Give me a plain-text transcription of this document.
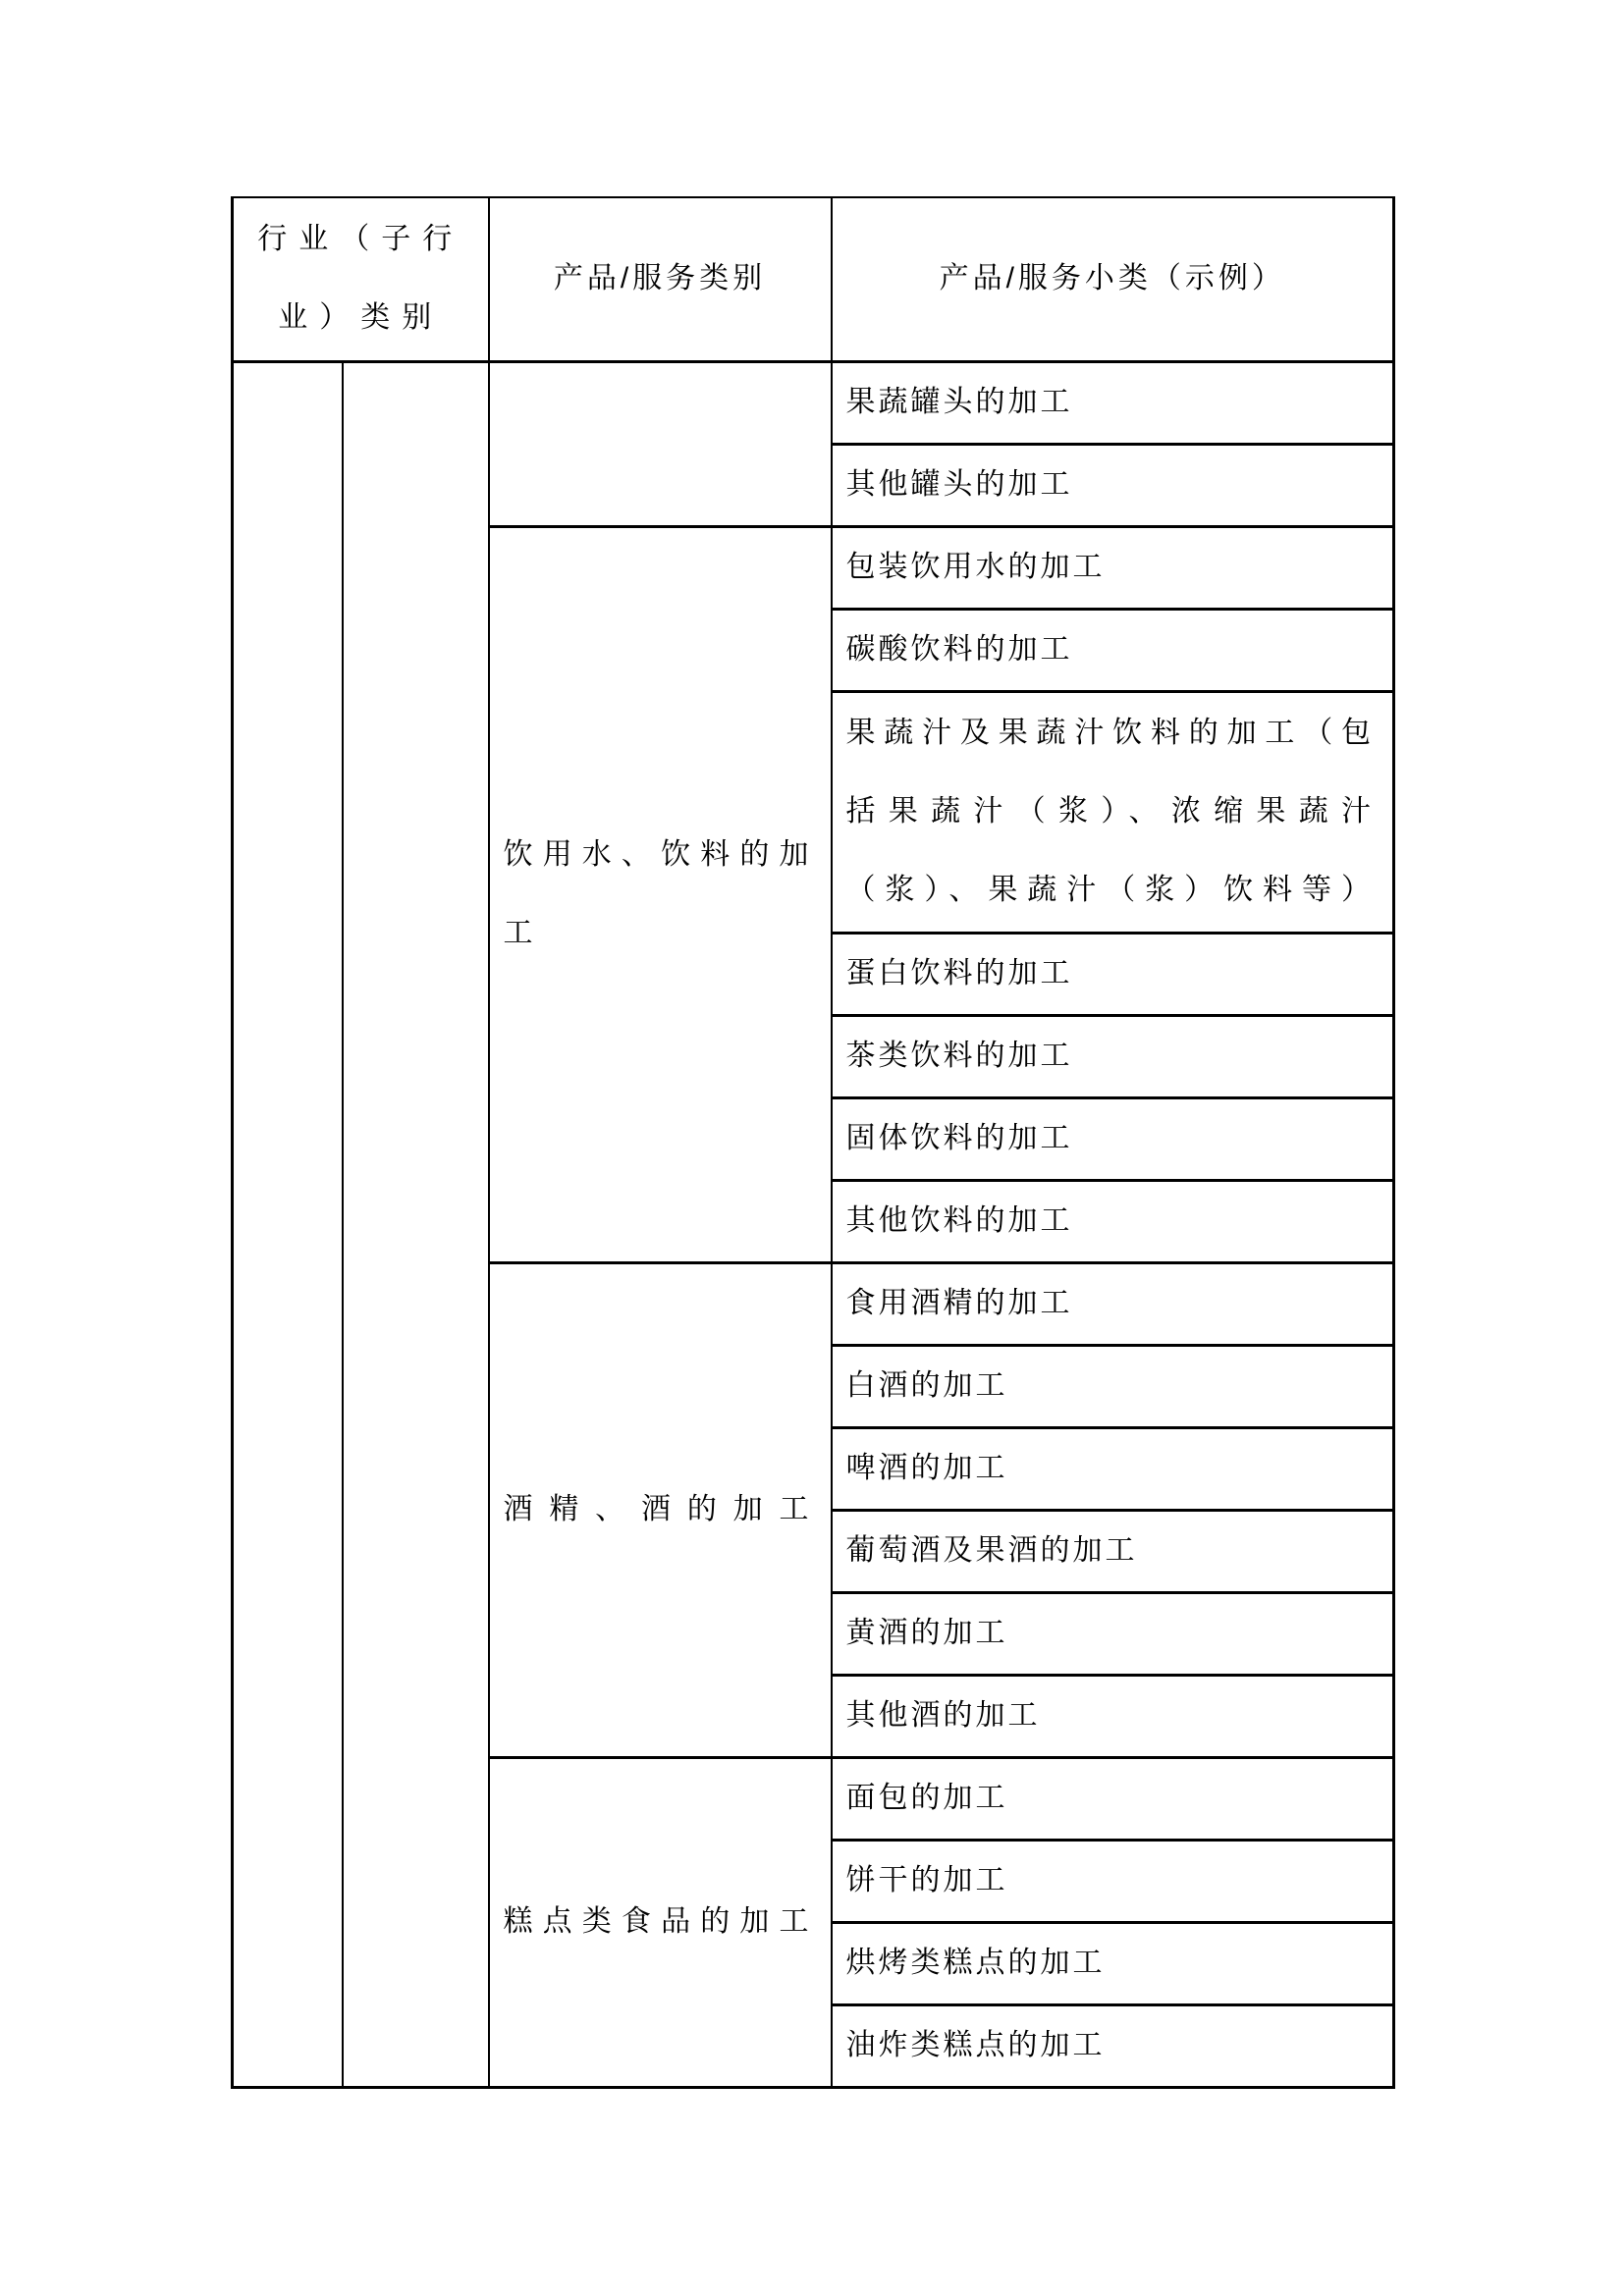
行业（子行业）类别		产品/服务类别	产品/服务小类（示例）
			果蔬罐头的加工
			其他罐头的加工
		饮用水、饮料的加工	包装饮用水的加工
			碳酸饮料的加工
			果蔬汁及果蔬汁饮料的加工（包括果蔬汁（浆）、浓缩果蔬汁（浆）、果蔬汁（浆）饮料等）
			蛋白饮料的加工
			茶类饮料的加工
			固体饮料的加工
			其他饮料的加工
		酒精、酒的加工	食用酒精的加工
			白酒的加工
			啤酒的加工
			葡萄酒及果酒的加工
			黄酒的加工
			其他酒的加工
		糕点类食品的加工	面包的加工
			饼干的加工
			烘烤类糕点的加工
			油炸类糕点的加工
